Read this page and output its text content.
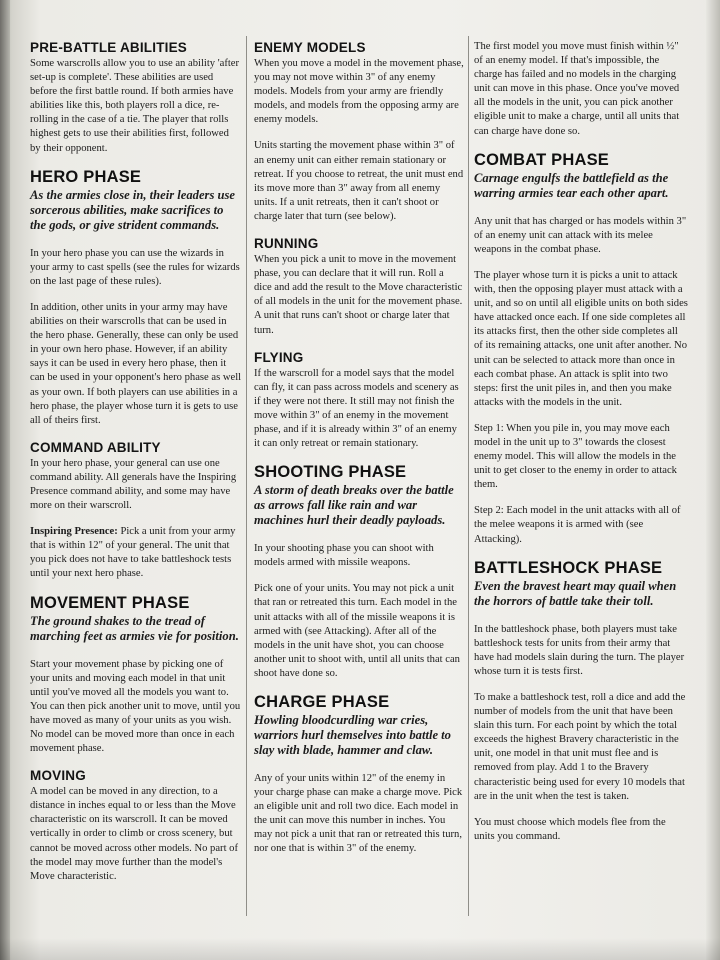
PRE-BATTLE ABILITIES

Some warscrolls allow you to use an ability 'after set-up is complete'. These abilities are used before the first battle round. If both armies have abilities like this, both players roll a dice, re-rolling in the case of a tie. The player that rolls highest gets to use their abilities first, followed by their opponent.

HERO PHASE
As the armies close in, their leaders use sorcerous abilities, make sacrifices to the gods, or give strident commands.

In your hero phase you can use the wizards in your army to cast spells (see the rules for wizards on the last page of these rules).

In addition, other units in your army may have abilities on their warscrolls that can be used in the hero phase. Generally, these can only be used in your own hero phase. However, if an ability says it can be used in every hero phase, then it can be used in your opponent's hero phase as well as your own. If both players can use abilities in a hero phase, the player whose turn it is gets to use all of theirs first.

COMMAND ABILITY

In your hero phase, your general can use one command ability. All generals have the Inspiring Presence command ability, and some may have more on their warscroll.

Inspiring Presence: Pick a unit from your army that is within 12" of your general. The unit that you pick does not have to take battleshock tests until your next hero phase.

MOVEMENT PHASE
The ground shakes to the tread of marching feet as armies vie for position.

Start your movement phase by picking one of your units and moving each model in that unit until you've moved all the models you want to. You can then pick another unit to move, until you have moved as many of your units as you wish. No model can be moved more than once in each movement phase.

MOVING

A model can be moved in any direction, to a distance in inches equal to or less than the Move characteristic on its warscroll. It can be moved vertically in order to climb or cross scenery, but cannot be moved across other models. No part of the model may move further than the model's Move characteristic.

ENEMY MODELS

When you move a model in the movement phase, you may not move within 3" of any enemy models. Models from your army are friendly models, and models from the opposing army are enemy models.

Units starting the movement phase within 3" of an enemy unit can either remain stationary or retreat. If you choose to retreat, the unit must end its move more than 3" away from all enemy units. If a unit retreats, then it can't shoot or charge later that turn (see below).

RUNNING

When you pick a unit to move in the movement phase, you can declare that it will run. Roll a dice and add the result to the Move characteristic of all models in the unit for the movement phase. A unit that runs can't shoot or charge later that turn.

FLYING

If the warscroll for a model says that the model can fly, it can pass across models and scenery as if they were not there. It still may not finish the move within 3" of an enemy in the movement phase, and if it is already within 3" of an enemy it can only retreat or remain stationary.

SHOOTING PHASE
A storm of death breaks over the battle as arrows fall like rain and war machines hurl their deadly payloads.

In your shooting phase you can shoot with models armed with missile weapons.

Pick one of your units. You may not pick a unit that ran or retreated this turn. Each model in the unit attacks with all of the missile weapons it is armed with (see Attacking). After all of the models in the unit have shot, you can choose another unit to shoot with, until all units that can shoot have done so.

CHARGE PHASE
Howling bloodcurdling war cries, warriors hurl themselves into battle to slay with blade, hammer and claw.

Any of your units within 12" of the enemy in your charge phase can make a charge move. Pick an eligible unit and roll two dice. Each model in the unit can move this number in inches. You may not pick a unit that ran or retreated this turn, nor one that is within 3" of the enemy.

The first model you move must finish within ½" of an enemy model. If that's impossible, the charge has failed and no models in the charging unit can move in this phase. Once you've moved all the models in the unit, you can pick another eligible unit to make a charge, until all units that can charge have done so.

COMBAT PHASE
Carnage engulfs the battlefield as the warring armies tear each other apart.

Any unit that has charged or has models within 3" of an enemy unit can attack with its melee weapons in the combat phase.

The player whose turn it is picks a unit to attack with, then the opposing player must attack with a unit, and so on until all eligible units on both sides have attacked once each. If one side completes all its attacks first, then the other side completes all of its remaining attacks, one unit after another. No unit can be selected to attack more than once in each combat phase. An attack is split into two steps: first the unit piles in, and then you make attacks with the models in the unit.

Step 1: When you pile in, you may move each model in the unit up to 3" towards the closest enemy model. This will allow the models in the unit to get closer to the enemy in order to attack them.

Step 2: Each model in the unit attacks with all of the melee weapons it is armed with (see Attacking).

BATTLESHOCK PHASE
Even the bravest heart may quail when the horrors of battle take their toll.

In the battleshock phase, both players must take battleshock tests for units from their army that have had models slain during the turn. The player whose turn it is tests first.

To make a battleshock test, roll a dice and add the number of models from the unit that have been slain this turn. For each point by which the total exceeds the highest Bravery characteristic in the unit, one model in that unit must flee and is removed from play. Add 1 to the Bravery characteristic being used for every 10 models that are in the unit when the test is taken.

You must choose which models flee from the units you command.
